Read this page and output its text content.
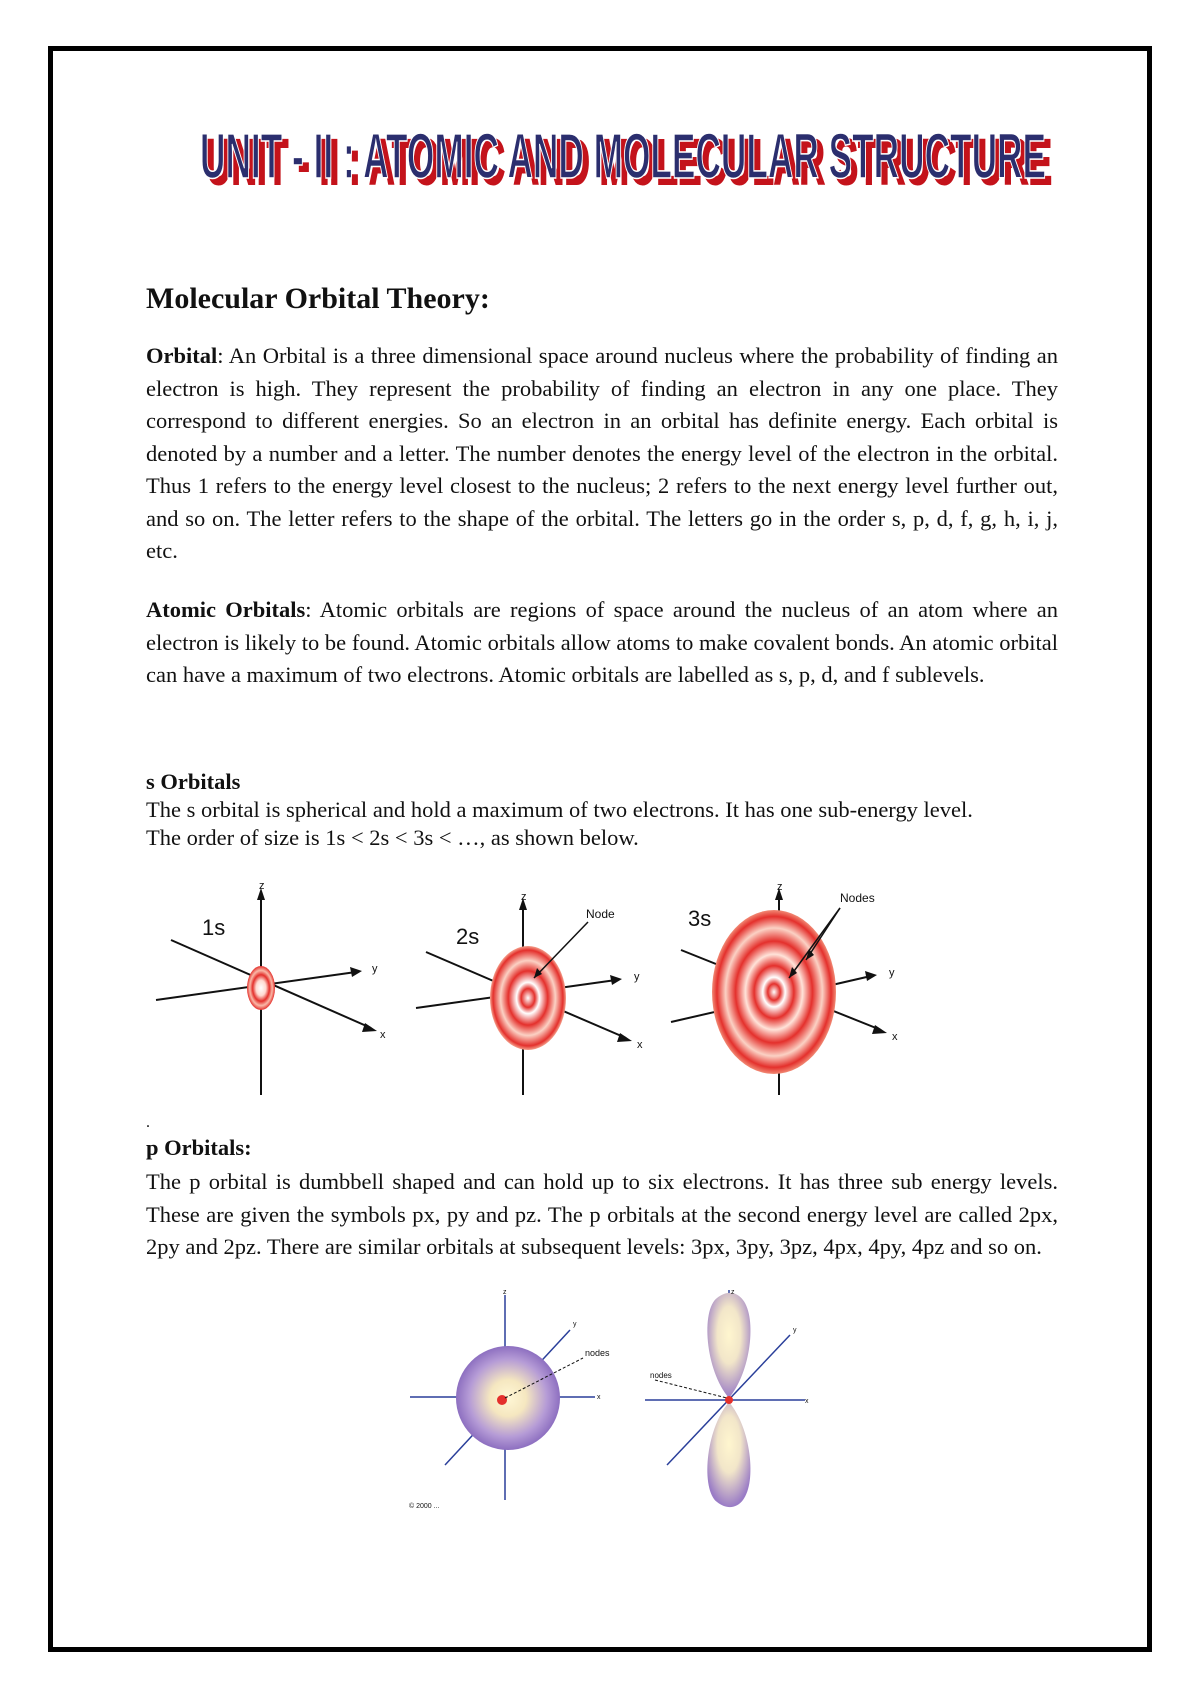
UNIT - II : ATOMIC AND MOLECULAR STRUCTURE
UNIT - II : ATOMIC AND MOLECULAR STRUCTURE
Molecular Orbital Theory:

Orbital: An Orbital is a three dimensional space around nucleus where the probability of finding an electron is high. They represent the probability of finding an electron in any one place. They correspond to different energies. So an electron in an orbital has definite energy. Each orbital is denoted by a number and a letter. The number denotes the energy level of the electron in the orbital. Thus 1 refers to the energy level closest to the nucleus; 2 refers to the next energy level further out, and so on. The letter refers to the shape of the orbital. The letters go in the order s, p, d, f, g, h, i, j, etc.

Atomic Orbitals: Atomic orbitals are regions of space around the nucleus of an atom where an electron is likely to be found. Atomic orbitals allow atoms to make covalent bonds. An atomic orbital can have a maximum of two electrons. Atomic orbitals are labelled as s, p, d, and f sublevels.

s Orbitals

The s orbital is spherical and hold a maximum of two electrons. It has one sub-energy level.

The order of size is 1s < 2s < 3s < …, as shown below.

1s
z
y
x
2s
Node
z
y
x
3s
Nodes
z
y
x
.

p Orbitals:

The p orbital is dumbbell shaped and can hold up to six electrons. It has three sub energy levels. These are given the symbols px, py and pz. The p orbitals at the second energy level are called 2px, 2py and 2pz. There are similar orbitals at subsequent levels: 3px, 3py, 3pz, 4px, 4py, 4pz and so on.

nodes
© 2000 ...
z
y
x
nodes
z
y
x
